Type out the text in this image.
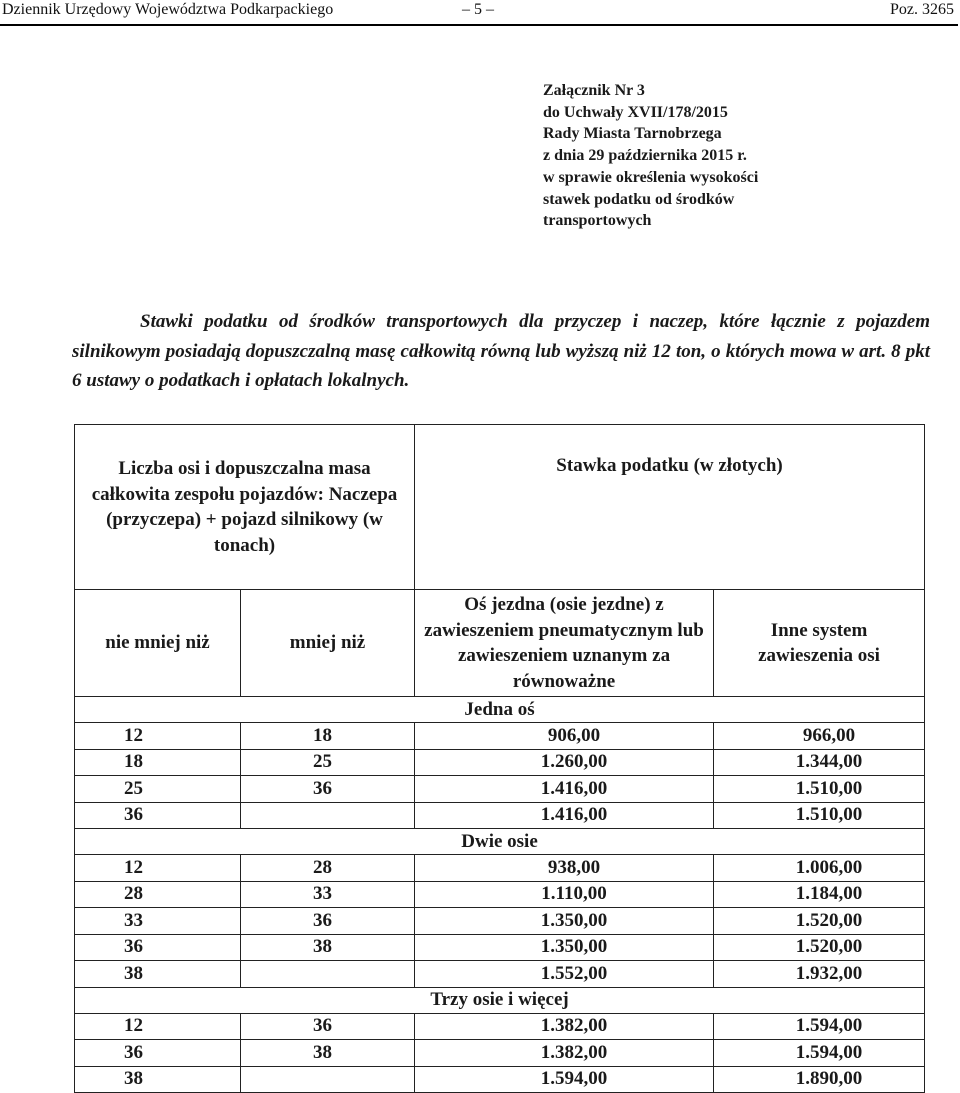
Dziennik Urzędowy Województwa Podkarpackiego	– 5 –	Poz. 3265
Załącznik Nr 3
do Uchwały XVII/178/2015
Rady Miasta Tarnobrzega
z dnia 29 października 2015 r.
w sprawie określenia wysokości
stawek podatku od środków
transportowych
Stawki podatku od środków transportowych dla przyczep i naczep, które łącznie z pojazdem silnikowym posiadają dopuszczalną masę całkowitą równą lub wyższą niż 12 ton, o których mowa w art. 8 pkt 6 ustawy o podatkach i opłatach lokalnych.
Liczba osi i dopuszczalna masa całkowita zespołu pojazdów: Naczepa (przyczepa) + pojazd silnikowy (w tonach)		Stawka podatku (w złotych)	
nie mniej niż	mniej niż	Oś jezdna (osie jezdne) z zawieszeniem pneumatycznym lub zawieszeniem uznanym za równoważne	Inne system zawieszenia osi
Jedna oś			
12	18	906,00	966,00
18	25	1.260,00	1.344,00
25	36	1.416,00	1.510,00
36		1.416,00	1.510,00
Dwie osie			
12	28	938,00	1.006,00
28	33	1.110,00	1.184,00
33	36	1.350,00	1.520,00
36	38	1.350,00	1.520,00
38		1.552,00	1.932,00
Trzy osie i więcej			
12	36	1.382,00	1.594,00
36	38	1.382,00	1.594,00
38		1.594,00	1.890,00
